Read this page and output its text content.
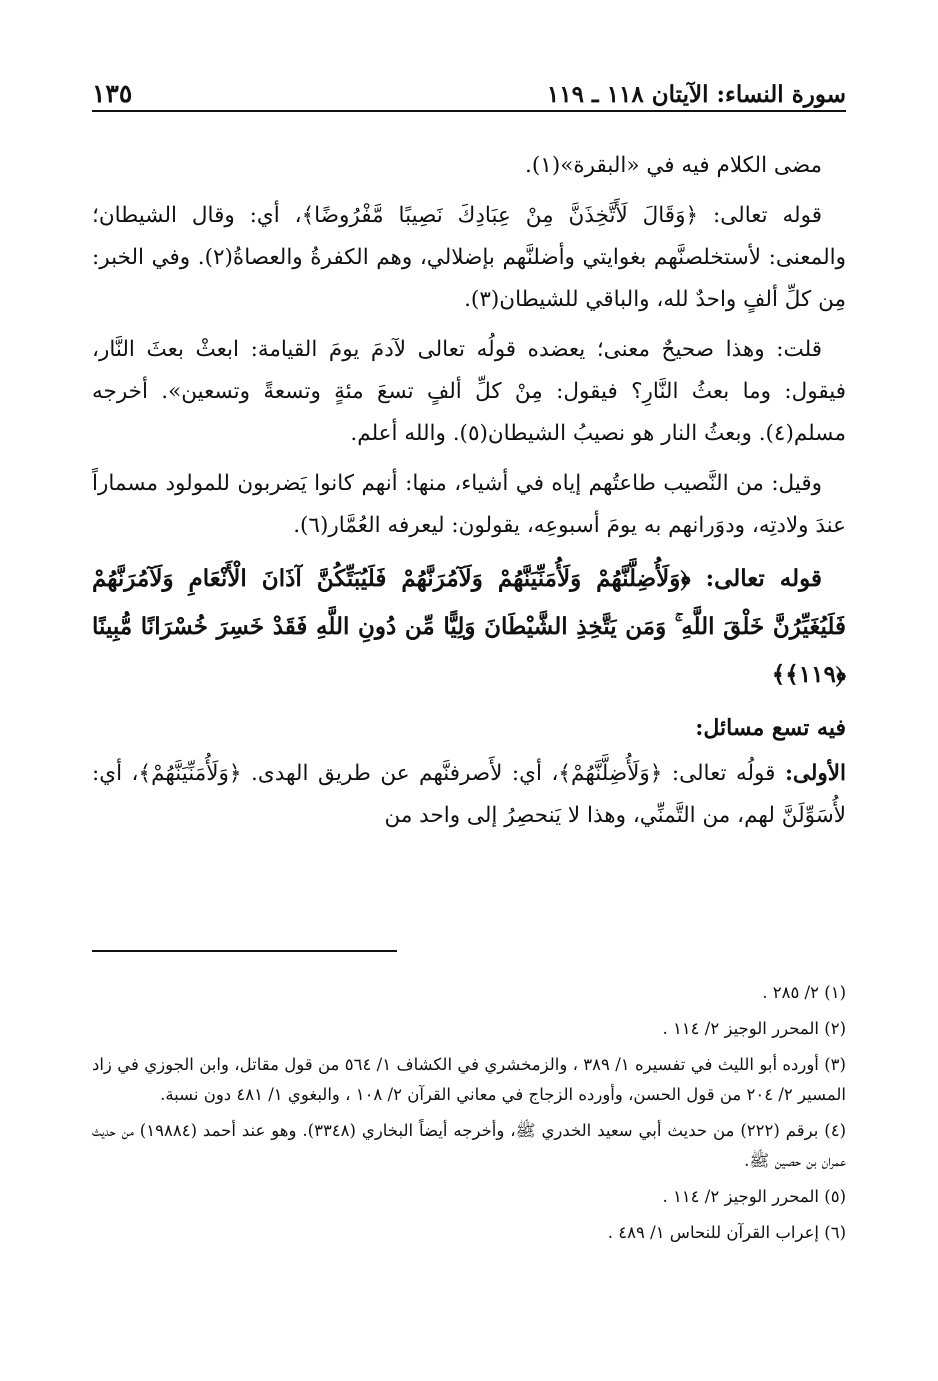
سورة النساء: الآيتان ١١٨ ـ ١١٩
١٣٥

مضى الكلام فيه في «البقرة»(١).

قوله تعالى: ﴿وَقَالَ لَأَتَّخِذَنَّ مِنْ عِبَادِكَ نَصِيبًا مَّفْرُوضًا﴾، أي: وقال الشيطان؛ والمعنى: لأستخلصنَّهم بغوايتي وأضلنَّهم بإضلالي، وهم الكفرةُ والعصاةُ(٢). وفي الخبر: مِن كلِّ ألفٍ واحدٌ لله، والباقي للشيطان(٣).

قلت: وهذا صحيحٌ معنى؛ يعضده قولُه تعالى لآدمَ يومَ القيامة: ابعثْ بعثَ النَّار، فيقول: وما بعثُ النَّارِ؟ فيقول: مِنْ كلِّ ألفٍ تسعَ مئةٍ وتسعةً وتسعين». أخرجه مسلم(٤). وبعثُ النار هو نصيبُ الشيطان(٥). والله أعلم.

وقيل: من النَّصيب طاعتُهم إياه في أشياء، منها: أنهم كانوا يَضربون للمولود مسماراً عندَ ولادتِه، ودوَرانهم به يومَ أسبوعِه، يقولون: ليعرفه العُمَّار(٦).

قوله تعالى: ﴿وَلَأُضِلَّنَّهُمْ وَلَأُمَنِّيَنَّهُمْ وَلَآمُرَنَّهُمْ فَلَيُبَتِّكُنَّ آذَانَ الْأَنْعَامِ وَلَآمُرَنَّهُمْ فَلَيُغَيِّرُنَّ خَلْقَ اللَّهِ ۚ وَمَن يَتَّخِذِ الشَّيْطَانَ وَلِيًّا مِّن دُونِ اللَّهِ فَقَدْ خَسِرَ خُسْرَانًا مُّبِينًا ﴿١١٩﴾﴾

فيه تسع مسائل:

الأولى: قولُه تعالى: ﴿وَلَأُضِلَّنَّهُمْ﴾، أي: لأَصرفنَّهم عن طريق الهدى. ﴿وَلَأُمَنِّيَنَّهُمْ﴾، أي: لأُسَوِّلَنَّ لهم، من التَّمنِّي، وهذا لا يَنحصِرُ إلى واحد من

(١) ٢/ ٢٨٥ .

(٢) المحرر الوجيز ٢/ ١١٤ .

(٣) أورده أبو الليث في تفسيره ١/ ٣٨٩ ، والزمخشري في الكشاف ١/ ٥٦٤ من قول مقاتل، وابن الجوزي في زاد المسير ٢/ ٢٠٤ من قول الحسن، وأورده الزجاج في معاني القرآن ٢/ ١٠٨ ، والبغوي ١/ ٤٨١ دون نسبة.

(٤) برقم (٢٢٢) من حديث أبي سعيد الخدري ﷺ، وأخرجه أيضاً البخاري (٣٣٤٨). وهو عند أحمد (١٩٨٨٤) من حديث عمران بن حصين ﷺ.

(٥) المحرر الوجيز ٢/ ١١٤ .

(٦) إعراب القرآن للنحاس ١/ ٤٨٩ .
